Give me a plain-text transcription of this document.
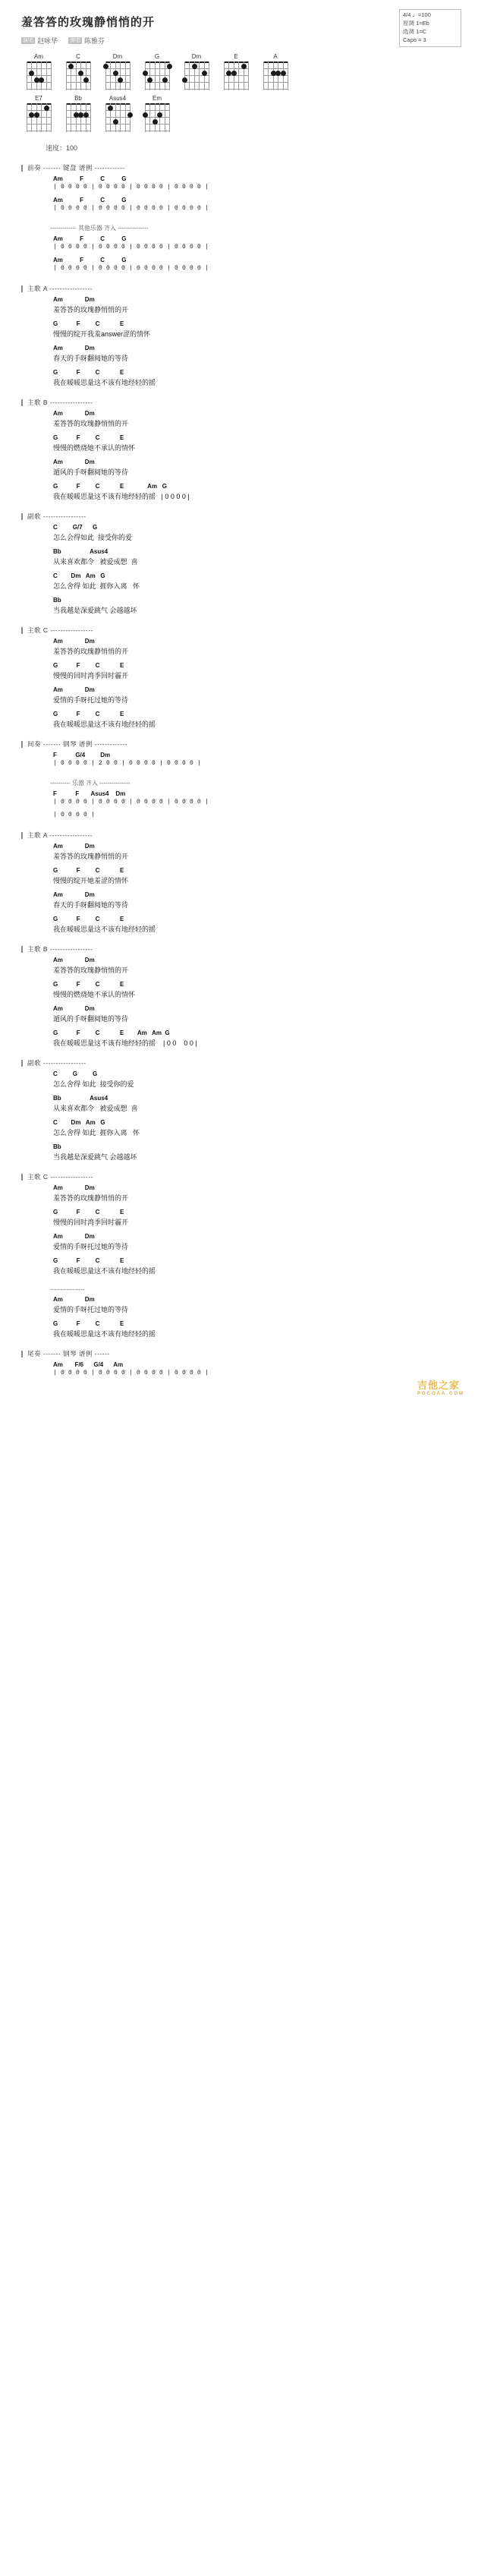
4/4 ♩=100
原调 1=Eb
选调 1=C
Capo = 3
羞答答的玫瑰静悄悄的开
演唱 赵咏华 弹唱 陈雅芬
Am	C	Dm	G	Dm	E	A
E7	Bb	Asus4	Em
速度：100
前奏 ------- 键盘 谱例 ------------
Am          F          C          G
| 0 0 0 0 | 0 0 0 0 | 0 0 0 0 | 0 0 0 0 |
Am          F          C          G
| 0 0 0 0 | 0 0 0 0 | 0 0 0 0 | 0 0 0 0 |
------------- 其他乐器 齐入 ---------------
Am          F          C          G
| 0 0 0 0 | 0 0 0 0 | 0 0 0 0 | 0 0 0 0 |
Am          F          C          G
| 0 0 0 0 | 0 0 0 0 | 0 0 0 0 | 0 0 0 0 |
主歌 A -----------------
Am             Dm
羞答答的玫瑰静悄悄的开
G           F         C            E
慢慢的绽开我羞answer涩的情怀
Am             Dm
春天的手呀翻阅她的等待
G           F         C            E
我在暖暖思量这不该有地经轻的摇
主歌 B -----------------
Am             Dm
羞答答的玫瑰静悄悄的开
G           F         C            E
慢慢的燃烧她不承认的情怀
Am             Dm
遁风的手呀翻阅她的等待
G           F         C            E              Am   G
我在暖暖思量这不该有地经轻的摇   | 0 0 0 0 |
副歌 -----------------
C         G/7      G
怎么会得如此  接受你的爱
Bb                 Asus4
从来喜欢都令   被爱成想  喜
C        Dm   Am   G
怎么舍得 如此  捱你入离   怀
Bb
当我越是深爱跳气 会越越坏
主歌 C -----------------
Am             Dm
羞答答的玫瑰静悄悄的开
G           F         C            E
慢慢的回时湾季回时霾开
Am             Dm
爱情的手呀托过她的等待
G           F         C            E
我在暖暖思量这不该有地经轻的摇
间奏 ------- 钢琴 谱例 -------------
F           G/4         Dm
| 0 0 0 0 | 2 0 0 | 0 0 0 0 | 0 0 0 0 |
---------- 乐器 齐入 ---------------
F           F       Asus4    Dm
| 0 0 0 0 | 0 0 0 0 | 0 0 0 0 | 0 0 0 0 |
| 0 0 0 0 |
主歌 A -----------------
Am             Dm
羞答答的玫瑰静悄悄的开
G           F         C            E
慢慢的绽开她羞涩的情怀
Am             Dm
春天的手呀翻阅她的等待
G           F         C            E
我在暖暖思量这不该有地经轻的摇
主歌 B -----------------
Am             Dm
羞答答的玫瑰静悄悄的开
G           F         C            E
慢慢的燃烧她不承认的情怀
Am             Dm
遁风的手呀翻阅她的等待
G           F         C            E        Am   Am  G
我在暖暖思量这不该有地经轻的摇    | 0 0    0 0 |
副歌 -----------------
C         G         G
怎么舍得 如此  接受你的爱
Bb                 Asus4
从来喜欢都令   被爱成想  喜
C        Dm   Am   G
怎么舍得 如此  捱你入离   怀
Bb
当我越是深爱跳气 会越越坏
主歌 C -----------------
Am             Dm
羞答答的玫瑰静悄悄的开
G           F         C            E
慢慢的回时湾季回时霾开
Am             Dm
爱情的手呀托过她的等待
G           F         C            E
我在暖暖思量这不该有地经轻的摇
-----------------
Am             Dm
爱情的手呀托过她的等待
G           F         C            E
我在暖暖思量这不该有地经轻的摇
尾奏 ------- 钢琴 谱例 ------
Am       F/6      G/4      Am
| 0 0 0 0 | 0 0 0 0 | 0 0 0 0 | 0 0 0 0 |
吉他之家
POCOAA.COM
